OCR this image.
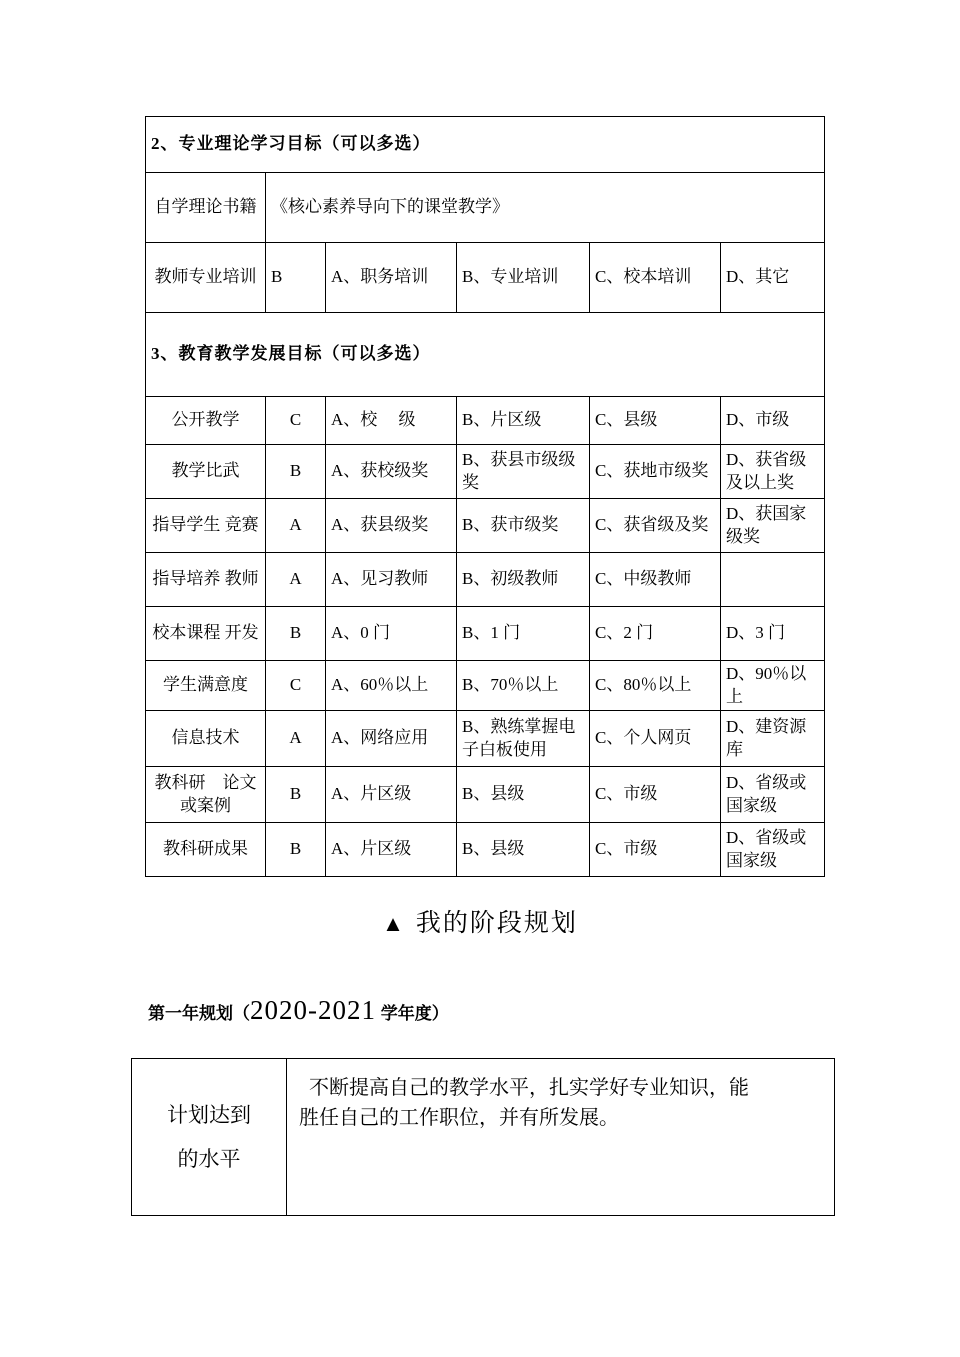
2、专业理论学习目标（可以多选）					
自学理论书籍	《核心素养导向下的课堂教学》				
教师专业培训	B	A、职务培训	B、专业培训	C、校本培训	D、其它
3、教育教学发展目标（可以多选）					
公开教学	C	A、校　 级	B、片区级	C、县级	D、市级
教学比武	B	A、获校级奖	B、获县市级级奖	C、获地市级奖	D、获省级及以上奖
指导学生 竞赛	A	A、获县级奖	B、获市级奖	C、获省级及奖	D、获国家级奖
指导培养 教师	A	A、见习教师	B、初级教师	C、中级教师	
校本课程 开发	B	A、0 门	B、1 门	C、2 门	D、3 门
学生满意度	C	A、60％以上	B、70％以上	C、80％以上	D、90％以上
信息技术	A	A、网络应用	B、熟练掌握电子白板使用	C、个人网页	D、建资源库
教科研　论文或案例	B	A、片区级	B、县级	C、市级	D、省级或国家级
教科研成果	B	A、片区级	B、县级	C、市级	D、省级或国家级
▲ 我的阶段规划
第一年规划（2020-2021 学年度）
计划达到的水平	不断提高自己的教学水平，扎实学好专业知识，能胜任自己的工作职位，并有所发展。
